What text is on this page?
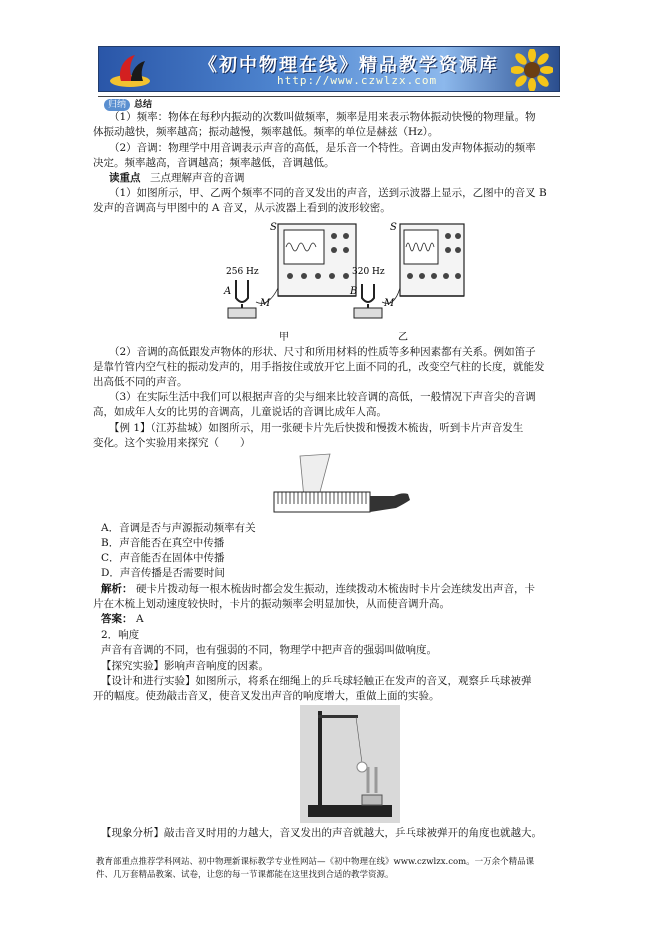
《初中物理在线》精品教学资源库
http://www.czwlzx.com
归纳 总结
（1）频率：物体在每秒内振动的次数叫做频率，频率是用来表示物体振动快慢的物理量。物
体振动越快，频率越高；振动越慢，频率越低。频率的单位是赫兹（Hz）。
（2）音调：物理学中用音调表示声音的高低，是乐音一个特性。音调由发声物体振动的频率
决定。频率越高，音调越高；频率越低，音调越低。
读重点 三点理解声音的音调
（1）如图所示，甲、乙两个频率不同的音叉发出的声音，送到示波器上显示，乙图中的音叉 B
发声的音调高与甲图中的 A 音叉，从示波器上看到的波形较密。
S
256 Hz
A
M
甲
S
320 Hz
B
M
乙
（2）音调的高低跟发声物体的形状、尺寸和所用材料的性质等多种因素都有关系。例如笛子
是靠竹管内空气柱的振动发声的，用手指按住或放开它上面不同的孔，改变空气柱的长度，就能发
出高低不同的声音。
（3）在实际生活中我们可以根据声音的尖与细来比较音调的高低，一般情况下声音尖的音调
高，如成年人女的比男的音调高，儿童说话的音调比成年人高。
【例 1】（江苏盐城）如图所示，用一张硬卡片先后快拨和慢拨木梳齿，听到卡片声音发生
变化。这个实验用来探究（　　）
A．音调是否与声源振动频率有关
B．声音能否在真空中传播
C．声音能否在固体中传播
D．声音传播是否需要时间
解析： 硬卡片拨动每一根木梳齿时都会发生振动，连续拨动木梳齿时卡片会连续发出声音，卡
片在木梳上划动速度较快时，卡片的振动频率会明显加快，从而使音调升高。
答案： A
2．响度
声音有音调的不同，也有强弱的不同，物理学中把声音的强弱叫做响度。
【探究实验】影响声音响度的因素。
【设计和进行实验】如图所示，将系在细绳上的乒乓球轻触正在发声的音叉，观察乒乓球被弹
开的幅度。使劲敲击音叉，使音叉发出声音的响度增大，重做上面的实验。
【现象分析】敲击音叉时用的力越大，音叉发出的声音就越大，乒乓球被弹开的角度也就越大。
教育部重点推荐学科网站、初中物理新课标教学专业性网站—《初中物理在线》www.czwlzx.com。一万余个精品课
件、几万套精品教案、试卷，让您的每一节课都能在这里找到合适的教学资源。
